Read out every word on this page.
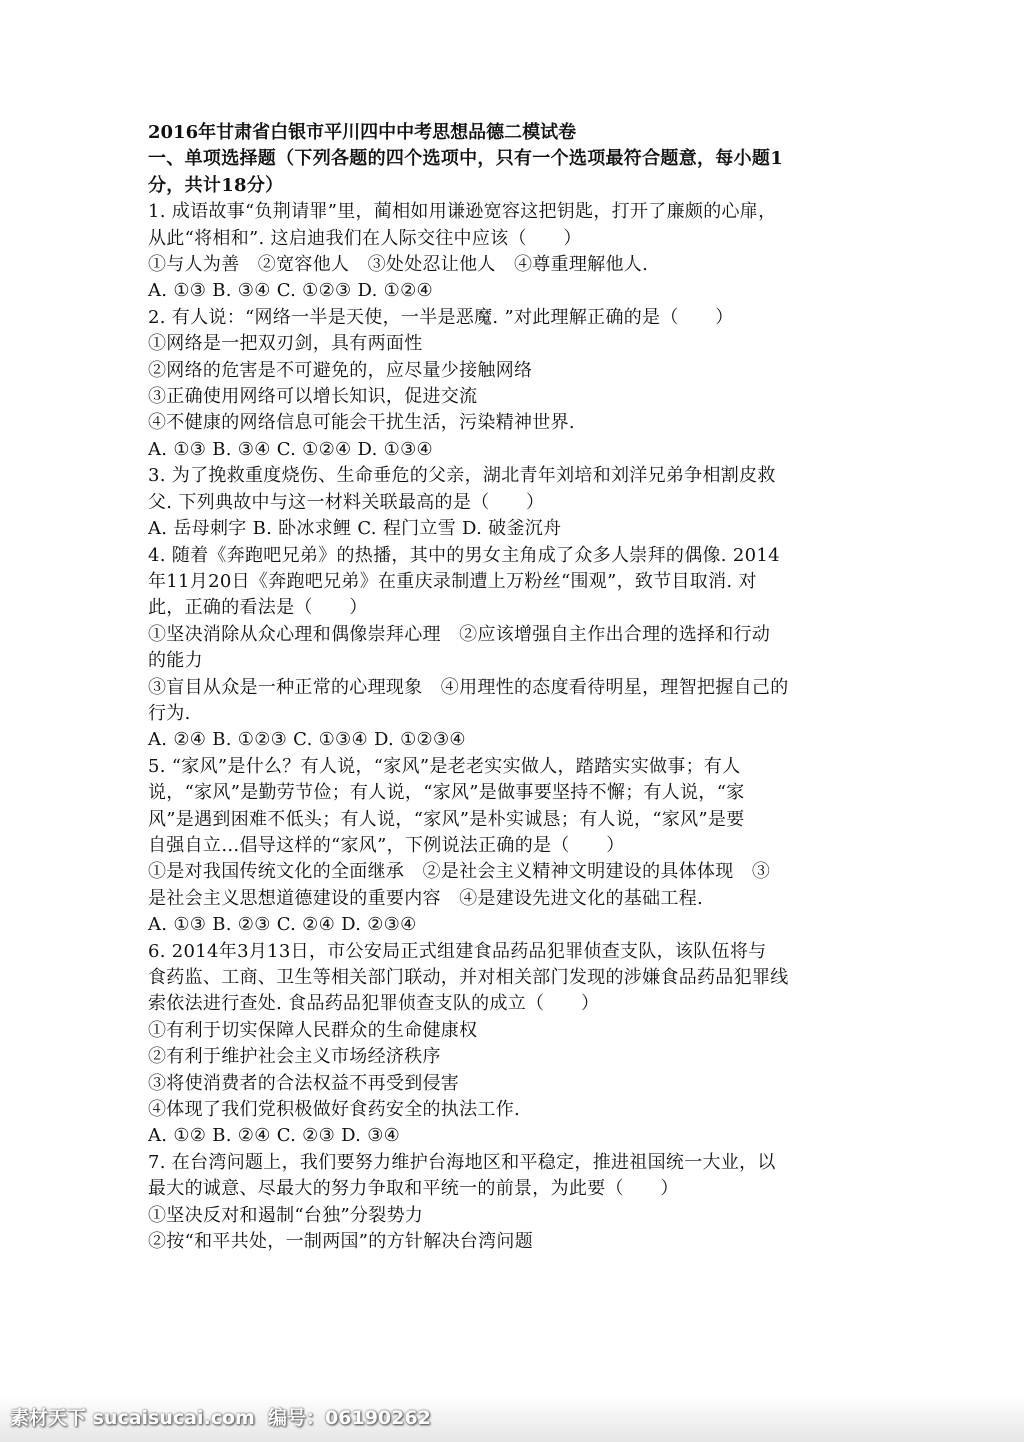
2016年甘肃省白银市平川四中中考思想品德二模试卷
一、单项选择题（下列各题的四个选项中，只有一个选项最符合题意，每小题1
分，共计18分）
1. 成语故事“负荆请罪”里，蔺相如用谦逊宽容这把钥匙，打开了廉颇的心扉，
从此“将相和”. 这启迪我们在人际交往中应该（　　）
①与人为善　②宽容他人　③处处忍让他人　④尊重理解他人.
A. ①③ B. ③④ C. ①②③ D. ①②④
2. 有人说：“网络一半是天使，一半是恶魔. ”对此理解正确的是（　　）
①网络是一把双刃剑，具有两面性
②网络的危害是不可避免的，应尽量少接触网络
③正确使用网络可以增长知识，促进交流
④不健康的网络信息可能会干扰生活，污染精神世界.
A. ①③ B. ③④ C. ①②④ D. ①③④
3. 为了挽救重度烧伤、生命垂危的父亲，湖北青年刘培和刘洋兄弟争相割皮救
父. 下列典故中与这一材料关联最高的是（　　）
A. 岳母刺字 B. 卧冰求鲤 C. 程门立雪 D. 破釜沉舟
4. 随着《奔跑吧兄弟》的热播，其中的男女主角成了众多人崇拜的偶像. 2014
年11月20日《奔跑吧兄弟》在重庆录制遭上万粉丝“围观”，致节目取消. 对
此，正确的看法是（　　）
①坚决消除从众心理和偶像崇拜心理　②应该增强自主作出合理的选择和行动
的能力
③盲目从众是一种正常的心理现象　④用理性的态度看待明星，理智把握自己的
行为.
A. ②④ B. ①②③ C. ①③④ D. ①②③④
5. “家风”是什么？有人说，“家风”是老老实实做人，踏踏实实做事；有人
说，“家风”是勤劳节俭；有人说，“家风”是做事要坚持不懈；有人说，“家
风”是遇到困难不低头；有人说，“家风”是朴实诚恳；有人说，“家风”是要
自强自立…倡导这样的“家风”，下例说法正确的是（　　）
①是对我国传统文化的全面继承　②是社会主义精神文明建设的具体体现　③
是社会主义思想道德建设的重要内容　④是建设先进文化的基础工程.
A. ①③ B. ②③ C. ②④ D. ②③④
6. 2014年3月13日，市公安局正式组建食品药品犯罪侦查支队，该队伍将与
食药监、工商、卫生等相关部门联动，并对相关部门发现的涉嫌食品药品犯罪线
索依法进行查处. 食品药品犯罪侦查支队的成立（　　）
①有利于切实保障人民群众的生命健康权
②有利于维护社会主义市场经济秩序
③将使消费者的合法权益不再受到侵害
④体现了我们党积极做好食药安全的执法工作.
A. ①② B. ②④ C. ②③ D. ③④
7. 在台湾问题上，我们要努力维护台海地区和平稳定，推进祖国统一大业，以
最大的诚意、尽最大的努力争取和平统一的前景，为此要（　　）
①坚决反对和遏制“台独”分裂势力
②按“和平共处，一制两国”的方针解决台湾问题
素材天下 sucaisucai.com  编号：06190262
